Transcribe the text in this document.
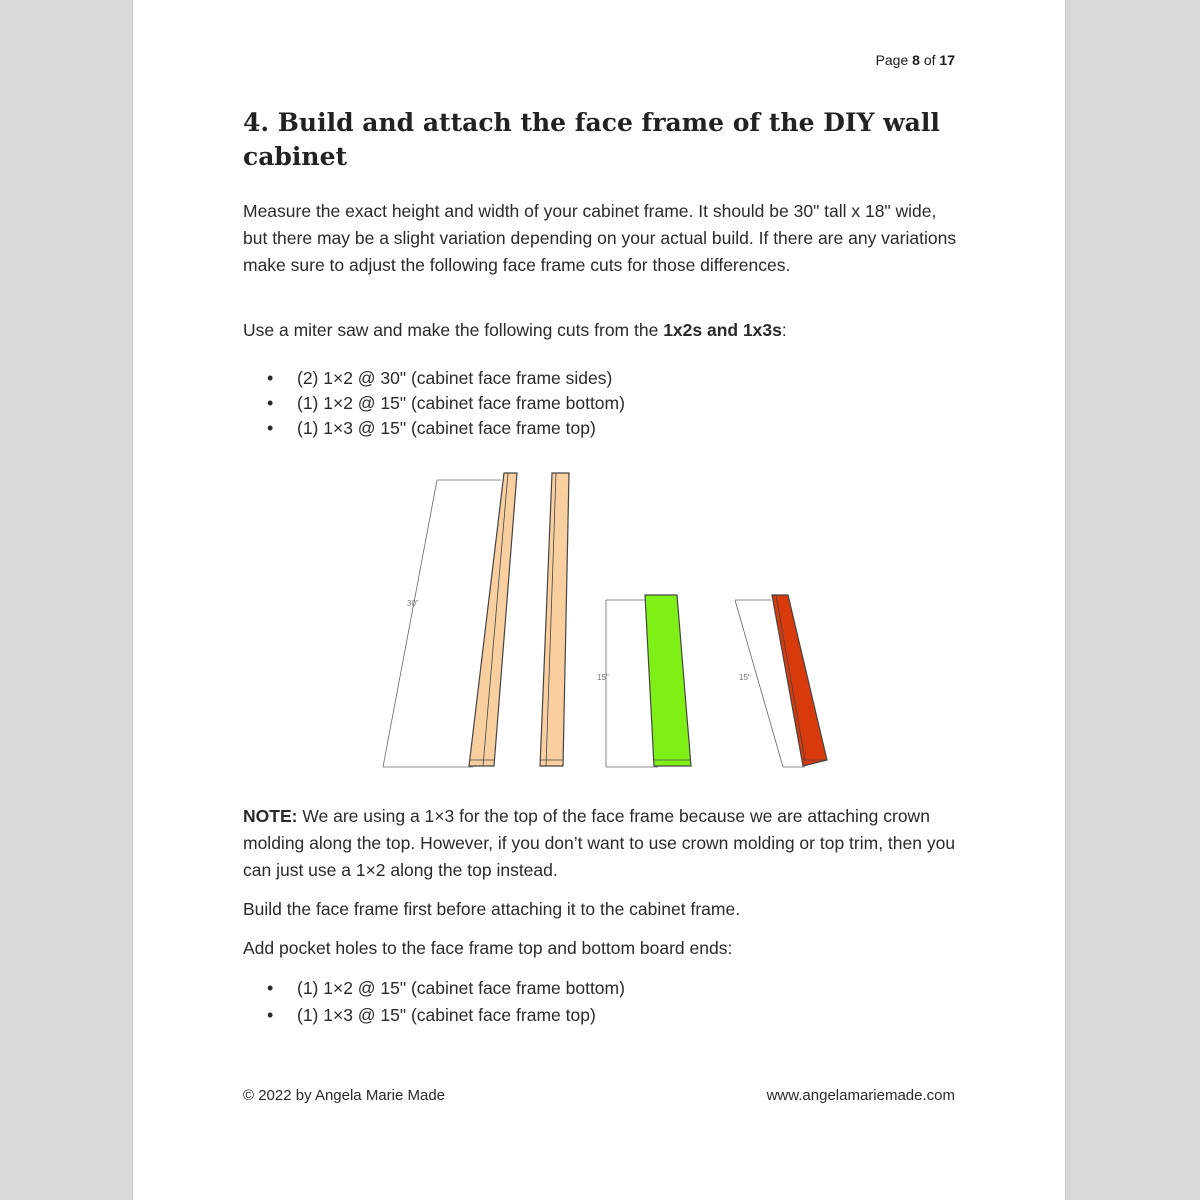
Page 8 of 17
4. Build and attach the face frame of the DIY wall cabinet

Measure the exact height and width of your cabinet frame. It should be 30" tall x 18" wide, but there may be a slight variation depending on your actual build. If there are any variations make sure to adjust the following face frame cuts for those differences.

Use a miter saw and make the following cuts from the 1x2s and 1x3s:

• (2) 1×2 @ 30" (cabinet face frame sides)
• (1) 1×2 @ 15" (cabinet face frame bottom)
• (1) 1×3 @ 15" (cabinet face frame top)
30"
15"	15"

NOTE: We are using a 1×3 for the top of the face frame because we are attaching crown molding along the top. However, if you don’t want to use crown molding or top trim, then you can just use a 1×2 along the top instead.

Build the face frame first before attaching it to the cabinet frame.

Add pocket holes to the face frame top and bottom board ends:

• (1) 1×2 @ 15" (cabinet face frame bottom)
• (1) 1×3 @ 15" (cabinet face frame top)
© 2022 by Angela Marie Made	www.angelamariemade.com
